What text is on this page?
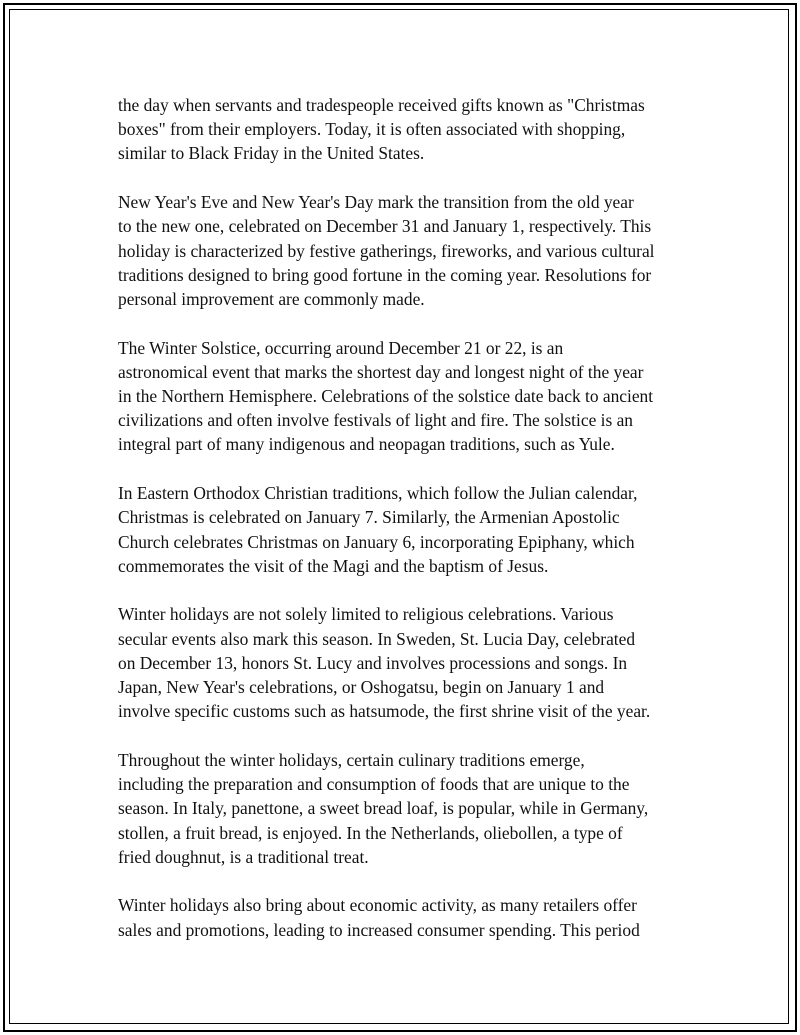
the day when servants and tradespeople received gifts known as "Christmas
boxes" from their employers. Today, it is often associated with shopping,
similar to Black Friday in the United States.

New Year's Eve and New Year's Day mark the transition from the old year
to the new one, celebrated on December 31 and January 1, respectively. This
holiday is characterized by festive gatherings, fireworks, and various cultural
traditions designed to bring good fortune in the coming year. Resolutions for
personal improvement are commonly made.

The Winter Solstice, occurring around December 21 or 22, is an
astronomical event that marks the shortest day and longest night of the year
in the Northern Hemisphere. Celebrations of the solstice date back to ancient
civilizations and often involve festivals of light and fire. The solstice is an
integral part of many indigenous and neopagan traditions, such as Yule.

In Eastern Orthodox Christian traditions, which follow the Julian calendar,
Christmas is celebrated on January 7. Similarly, the Armenian Apostolic
Church celebrates Christmas on January 6, incorporating Epiphany, which
commemorates the visit of the Magi and the baptism of Jesus.

Winter holidays are not solely limited to religious celebrations. Various
secular events also mark this season. In Sweden, St. Lucia Day, celebrated
on December 13, honors St. Lucy and involves processions and songs. In
Japan, New Year's celebrations, or Oshogatsu, begin on January 1 and
involve specific customs such as hatsumode, the first shrine visit of the year.

Throughout the winter holidays, certain culinary traditions emerge,
including the preparation and consumption of foods that are unique to the
season. In Italy, panettone, a sweet bread loaf, is popular, while in Germany,
stollen, a fruit bread, is enjoyed. In the Netherlands, oliebollen, a type of
fried doughnut, is a traditional treat.

Winter holidays also bring about economic activity, as many retailers offer
sales and promotions, leading to increased consumer spending. This period
